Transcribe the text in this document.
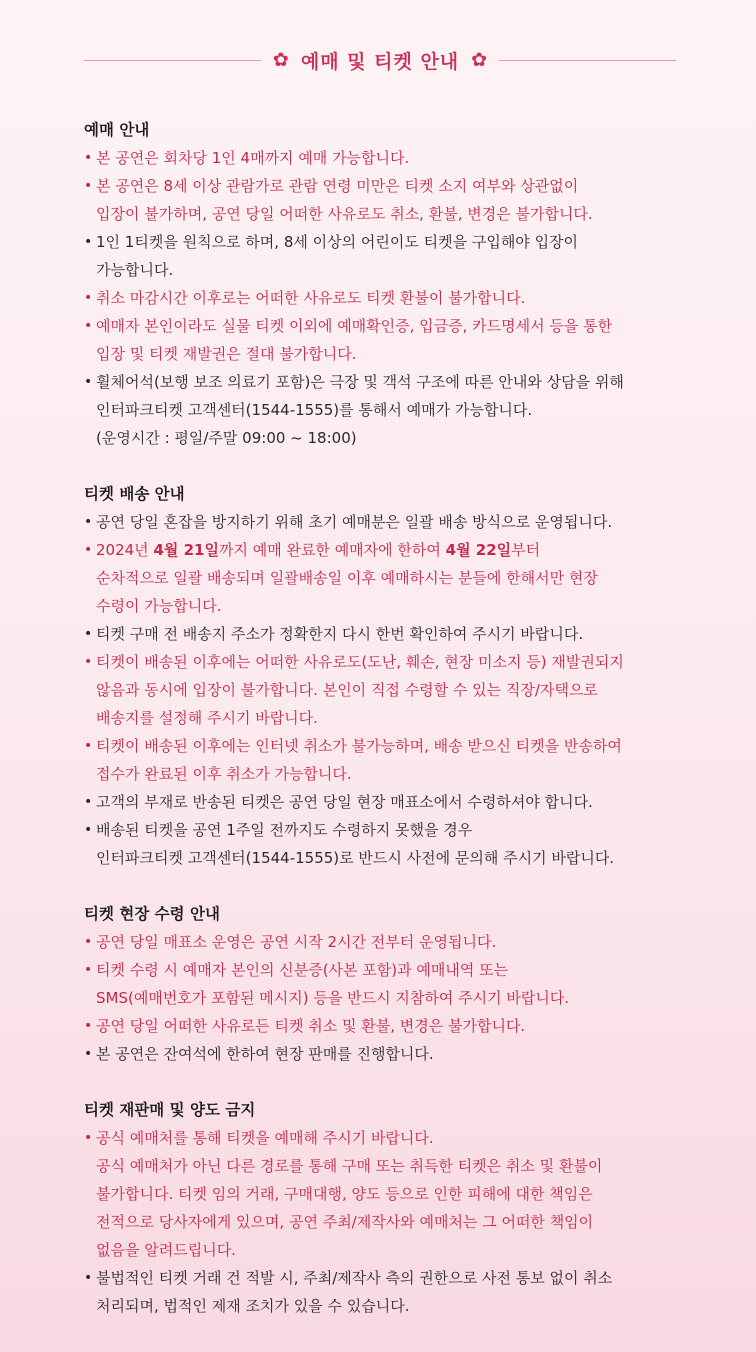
✿ 예매 및 티켓 안내 ✿
예매 안내
• 본 공연은 회차당 1인 4매까지 예매 가능합니다.
• 본 공연은 8세 이상 관람가로 관람 연령 미만은 티켓 소지 여부와 상관없이
입장이 불가하며, 공연 당일 어떠한 사유로도 취소, 환불, 변경은 불가합니다.
• 1인 1티켓을 원칙으로 하며, 8세 이상의 어린이도 티켓을 구입해야 입장이
가능합니다.
• 취소 마감시간 이후로는 어떠한 사유로도 티켓 환불이 불가합니다.
• 예매자 본인이라도 실물 티켓 이외에 예매확인증, 입금증, 카드명세서 등을 통한
입장 및 티켓 재발권은 절대 불가합니다.
• 휠체어석(보행 보조 의료기 포함)은 극장 및 객석 구조에 따른 안내와 상담을 위해
인터파크티켓 고객센터(1544-1555)를 통해서 예매가 가능합니다.
(운영시간 : 평일/주말 09:00 ~ 18:00)
티켓 배송 안내
• 공연 당일 혼잡을 방지하기 위해 초기 예매분은 일괄 배송 방식으로 운영됩니다.
• 2024년 4월 21일까지 예매 완료한 예매자에 한하여 4월 22일부터
순차적으로 일괄 배송되며 일괄배송일 이후 예매하시는 분들에 한해서만 현장
수령이 가능합니다.
• 티켓 구매 전 배송지 주소가 정확한지 다시 한번 확인하여 주시기 바랍니다.
• 티켓이 배송된 이후에는 어떠한 사유로도(도난, 훼손, 현장 미소지 등) 재발권되지
않음과 동시에 입장이 불가합니다. 본인이 직접 수령할 수 있는 직장/자택으로
배송지를 설정해 주시기 바랍니다.
• 티켓이 배송된 이후에는 인터넷 취소가 불가능하며, 배송 받으신 티켓을 반송하여
접수가 완료된 이후 취소가 가능합니다.
• 고객의 부재로 반송된 티켓은 공연 당일 현장 매표소에서 수령하셔야 합니다.
• 배송된 티켓을 공연 1주일 전까지도 수령하지 못했을 경우
인터파크티켓 고객센터(1544-1555)로 반드시 사전에 문의해 주시기 바랍니다.
티켓 현장 수령 안내
• 공연 당일 매표소 운영은 공연 시작 2시간 전부터 운영됩니다.
• 티켓 수령 시 예매자 본인의 신분증(사본 포함)과 예매내역 또는
SMS(예매번호가 포함된 메시지) 등을 반드시 지참하여 주시기 바랍니다.
• 공연 당일 어떠한 사유로든 티켓 취소 및 환불, 변경은 불가합니다.
• 본 공연은 잔여석에 한하여 현장 판매를 진행합니다.
티켓 재판매 및 양도 금지
• 공식 예매처를 통해 티켓을 예매해 주시기 바랍니다.
공식 예매처가 아닌 다른 경로를 통해 구매 또는 취득한 티켓은 취소 및 환불이
불가합니다. 티켓 임의 거래, 구매대행, 양도 등으로 인한 피해에 대한 책임은
전적으로 당사자에게 있으며, 공연 주최/제작사와 예매처는 그 어떠한 책임이
없음을 알려드립니다.
• 불법적인 티켓 거래 건 적발 시, 주최/제작사 측의 권한으로 사전 통보 없이 취소
처리되며, 법적인 제재 조치가 있을 수 있습니다.
